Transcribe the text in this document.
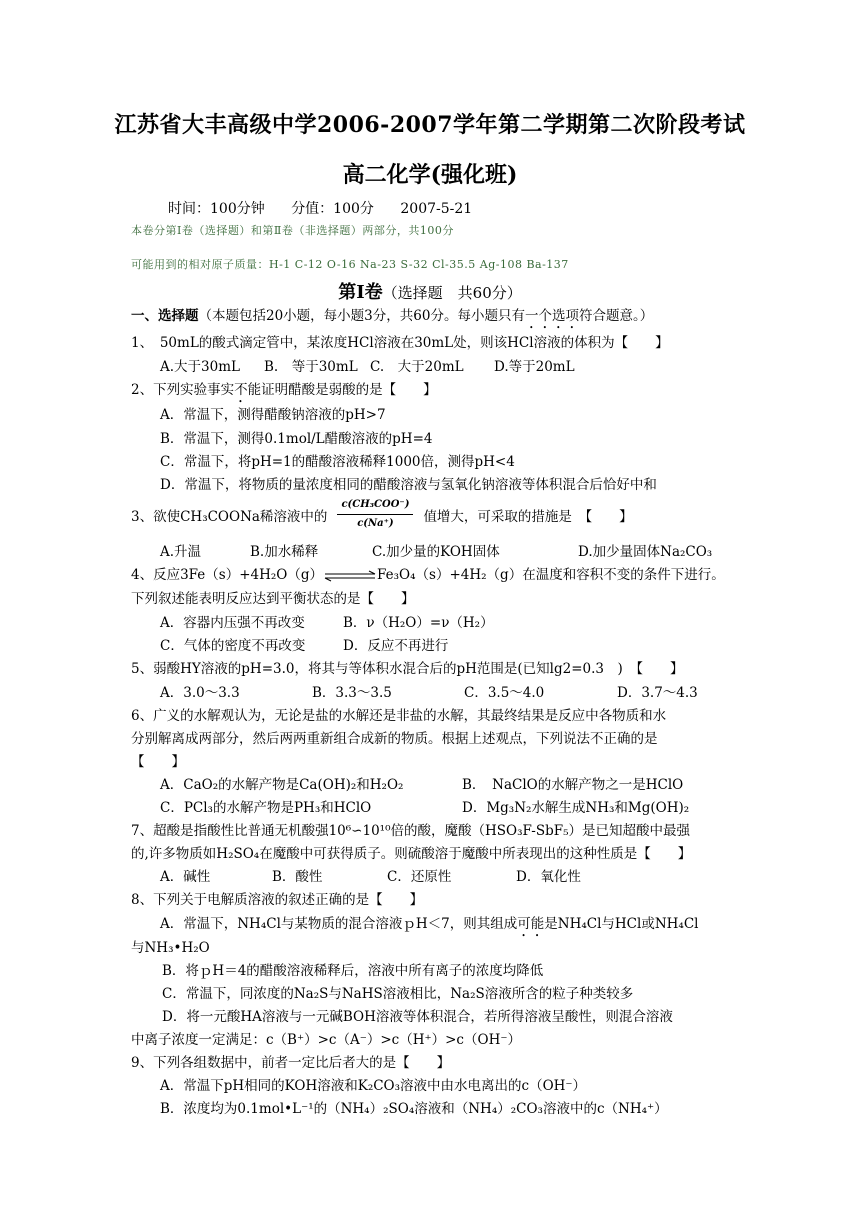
江苏省大丰高级中学2006-2007学年第二学期第二次阶段考试
高二化学(强化班)
时间：100分钟 分值：100分 2007-5-21
本卷分第Ⅰ卷（选择题）和第Ⅱ卷（非选择题）两部分，共100分
可能用到的相对原子质量：H-1 C-12 O-16 Na-23 S-32 Cl-35.5 Ag-108 Ba-137
第Ⅰ卷（选择题　共60分）
一、选择题（本题包括20小题，每小题3分，共60分。每小题只有一个选项符合题意。）
1、　50mL的酸式滴定管中，某浓度HCl溶液在30mL处，则该HCl溶液的体积为【　　】
A.大于30mL B.　等于30mL C.　大于20mL D.等于20mL
2、下列实验事实不能证明醋酸是弱酸的是【　　】
A．常温下，测得醋酸钠溶液的pH>7
B．常温下，测得0.1mol/L醋酸溶液的pH=4
C．常温下，将pH=1的醋酸溶液稀释1000倍，测得pH<4
D．常温下，将物质的量浓度相同的醋酸溶液与氢氧化钠溶液等体积混合后恰好中和
3、欲使CH₃COONa稀溶液中的 $\frac{\text{c(CH₃COO⁻)}}{c(Na^+)}$ 值增大，可采取的措施是　【　　】
A.升温	B.加水稀释	C.加少量的KOH固体	D.加少量固体Na₂CO₃
4、反应3Fe（s）+4H₂O（g）⇌Fe₃O₄（s）+4H₂（g）在温度和容积不变的条件下进行。
下列叙述能表明反应达到平衡状态的是【　　】
A．容器内压强不再改变	B．ν（H₂O）=ν（H₂）
C．气体的密度不再改变	D．反应不再进行
5、弱酸HY溶液的pH=3.0，将其与等体积水混合后的pH范围是(已知lg2=0.3　)　【　　】
A．3.0～3.3	B．3.3～3.5	C．3.5～4.0	D．3.7～4.3
6、广义的水解观认为，无论是盐的水解还是非盐的水解，其最终结果是反应中各物质和水
分别解离成两部分，然后两两重新组合成新的物质。根据上述观点，下列说法不正确的是
【　　】
A．CaO₂的水解产物是Ca(OH)₂和H₂O₂	B．　NaClO的水解产物之一是HClO
C．PCl₃的水解产物是PH₃和HClO	D．Mg₃N₂水解生成NH₃和Mg(OH)₂
7、超酸是指酸性比普通无机酸强10⁶∽10¹⁰倍的酸，魔酸（HSO₃F-SbF₅）是已知超酸中最强
的,许多物质如H₂SO₄在魔酸中可获得质子。则硫酸溶于魔酸中所表现出的这种性质是【　　】
A．碱性	B．酸性	C．还原性	D．氧化性
8、下列关于电解质溶液的叙述正确的是【　　】
A．常温下，NH₄Cl与某物质的混合溶液ｐH＜7，则其组成可能是NH₄Cl与HCl或NH₄Cl
与NH₃•H₂O
B．将ｐH＝4的醋酸溶液稀释后，溶液中所有离子的浓度均降低
C．常温下，同浓度的Na₂S与NaHS溶液相比，Na₂S溶液所含的粒子种类较多
D．将一元酸HA溶液与一元碱BOH溶液等体积混合，若所得溶液呈酸性，则混合溶液
中离子浓度一定满足：c（B⁺）>c（A⁻）>c（H⁺）>c（OH⁻）
9、下列各组数据中，前者一定比后者大的是【　　】
A．常温下pH相同的KOH溶液和K₂CO₃溶液中由水电离出的c（OH⁻）
B．浓度均为0.1mol•L⁻¹的（NH₄）₂SO₄溶液和（NH₄）₂CO₃溶液中的c（NH₄⁺）
